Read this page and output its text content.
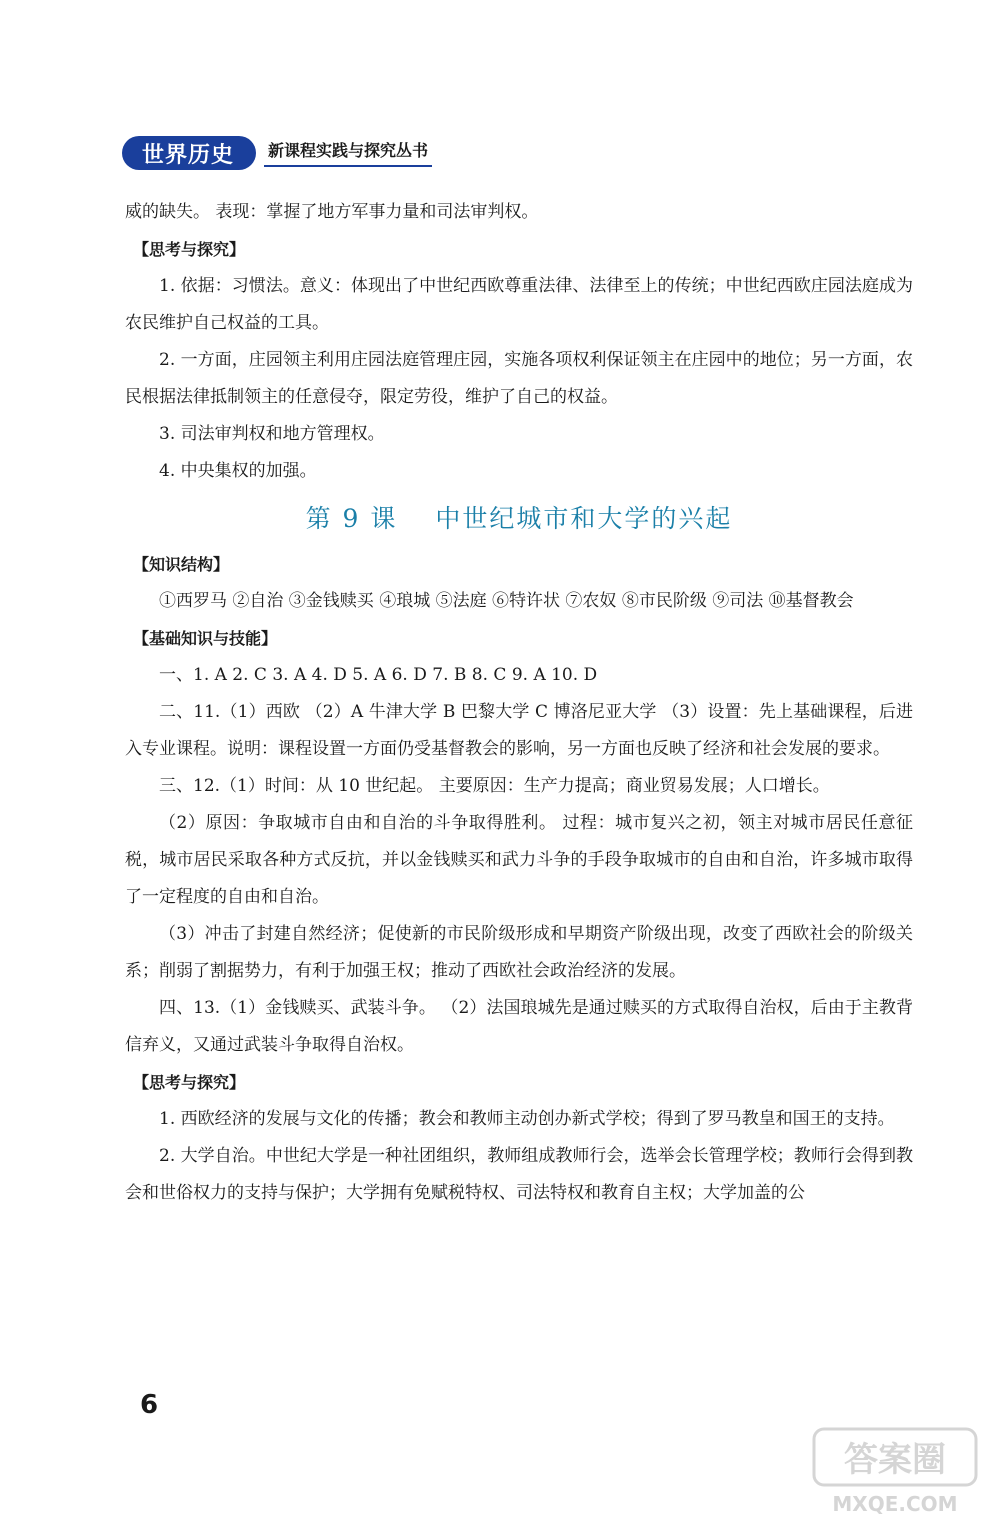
世界历史	新课程实践与探究丛书

威的缺失。 表现：掌握了地方军事力量和司法审判权。

【思考与探究】

1. 依据：习惯法。意义：体现出了中世纪西欧尊重法律、法律至上的传统；中世纪西欧庄园法庭成为农民维护自己权益的工具。

2. 一方面，庄园领主利用庄园法庭管理庄园，实施各项权利保证领主在庄园中的地位；另一方面，农民根据法律抵制领主的任意侵夺，限定劳役，维护了自己的权益。

3. 司法审判权和地方管理权。

4. 中央集权的加强。

第 9 课 中世纪城市和大学的兴起

【知识结构】

①西罗马 ②自治 ③金钱赎买 ④琅城 ⑤法庭 ⑥特许状 ⑦农奴 ⑧市民阶级 ⑨司法 ⑩基督教会

【基础知识与技能】

一、1. A 2. C 3. A 4. D 5. A 6. D 7. B 8. C 9. A 10. D

二、11.（1）西欧 （2）A 牛津大学 B 巴黎大学 C 博洛尼亚大学 （3）设置：先上基础课程，后进入专业课程。说明：课程设置一方面仍受基督教会的影响，另一方面也反映了经济和社会发展的要求。

三、12.（1）时间：从 10 世纪起。 主要原因：生产力提高；商业贸易发展；人口增长。

（2）原因：争取城市自由和自治的斗争取得胜利。 过程：城市复兴之初，领主对城市居民任意征税，城市居民采取各种方式反抗，并以金钱赎买和武力斗争的手段争取城市的自由和自治，许多城市取得了一定程度的自由和自治。

（3）冲击了封建自然经济；促使新的市民阶级形成和早期资产阶级出现，改变了西欧社会的阶级关系；削弱了割据势力，有利于加强王权；推动了西欧社会政治经济的发展。

四、13.（1）金钱赎买、武装斗争。 （2）法国琅城先是通过赎买的方式取得自治权，后由于主教背信弃义，又通过武装斗争取得自治权。

【思考与探究】

1. 西欧经济的发展与文化的传播；教会和教师主动创办新式学校；得到了罗马教皇和国王的支持。

2. 大学自治。中世纪大学是一种社团组织，教师组成教师行会，选举会长管理学校；教师行会得到教会和世俗权力的支持与保护；大学拥有免赋税特权、司法特权和教育自主权；大学加盖的公

6
答案圈
MXQE.COM
